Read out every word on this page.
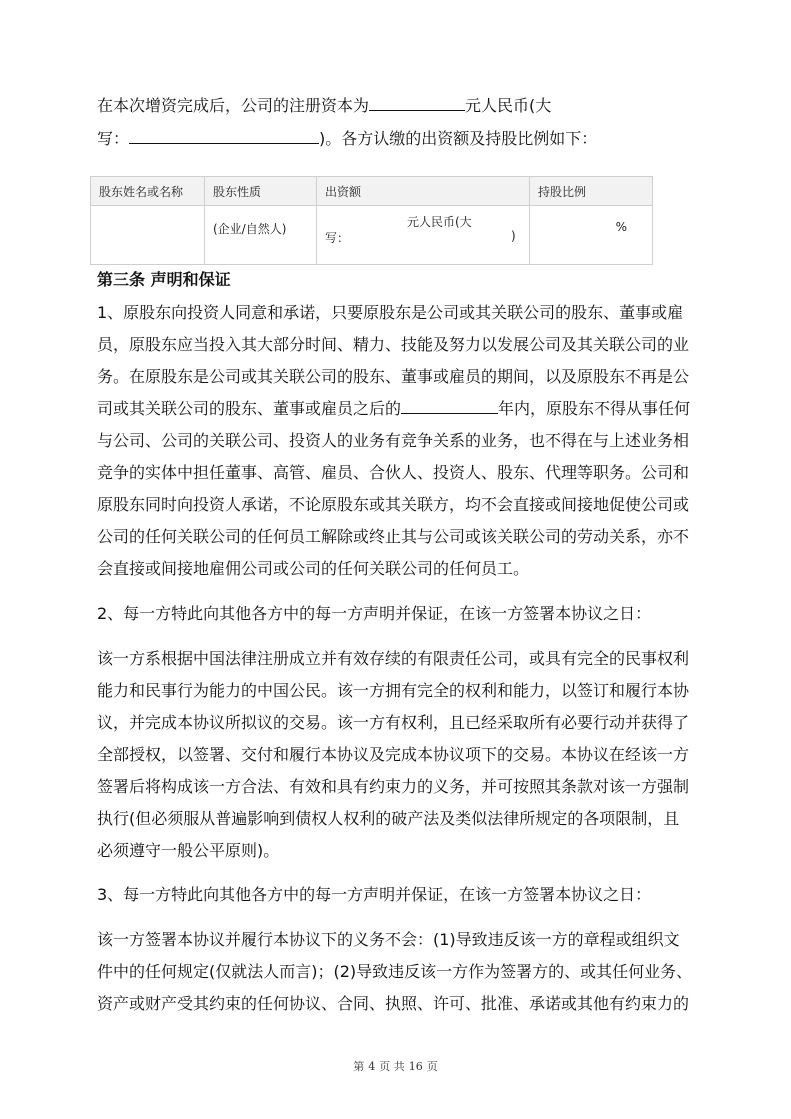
在本次增资完成后，公司的注册资本为	元人民币(大
写：	)。各方认缴的出资额及持股比例如下：
股东姓名或名称	股东性质	出资额	持股比例
	(企业/自然人)	元人民币(大
写： )	%
第三条 声明和保证
1、原股东向投资人同意和承诺，只要原股东是公司或其关联公司的股东、董事或雇
员，原股东应当投入其大部分时间、精力、技能及努力以发展公司及其关联公司的业
务。在原股东是公司或其关联公司的股东、董事或雇员的期间，以及原股东不再是公
司或其关联公司的股东、董事或雇员之后的	年内，原股东不得从事任何
与公司、公司的关联公司、投资人的业务有竞争关系的业务，也不得在与上述业务相
竞争的实体中担任董事、高管、雇员、合伙人、投资人、股东、代理等职务。公司和
原股东同时向投资人承诺，不论原股东或其关联方，均不会直接或间接地促使公司或
公司的任何关联公司的任何员工解除或终止其与公司或该关联公司的劳动关系，亦不
会直接或间接地雇佣公司或公司的任何关联公司的任何员工。
2、每一方特此向其他各方中的每一方声明并保证，在该一方签署本协议之日：
该一方系根据中国法律注册成立并有效存续的有限责任公司，或具有完全的民事权利
能力和民事行为能力的中国公民。该一方拥有完全的权利和能力，以签订和履行本协
议，并完成本协议所拟议的交易。该一方有权利，且已经采取所有必要行动并获得了
全部授权，以签署、交付和履行本协议及完成本协议项下的交易。本协议在经该一方
签署后将构成该一方合法、有效和具有约束力的义务，并可按照其条款对该一方强制
执行(但必须服从普遍影响到债权人权利的破产法及类似法律所规定的各项限制，且
必须遵守一般公平原则)。
3、每一方特此向其他各方中的每一方声明并保证，在该一方签署本协议之日：
该一方签署本协议并履行本协议下的义务不会：(1)导致违反该一方的章程或组织文
件中的任何规定(仅就法人而言)；(2)导致违反该一方作为签署方的、或其任何业务、
资产或财产受其约束的任何协议、合同、执照、许可、批准、承诺或其他有约束力的
第 4 页 共 16 页
